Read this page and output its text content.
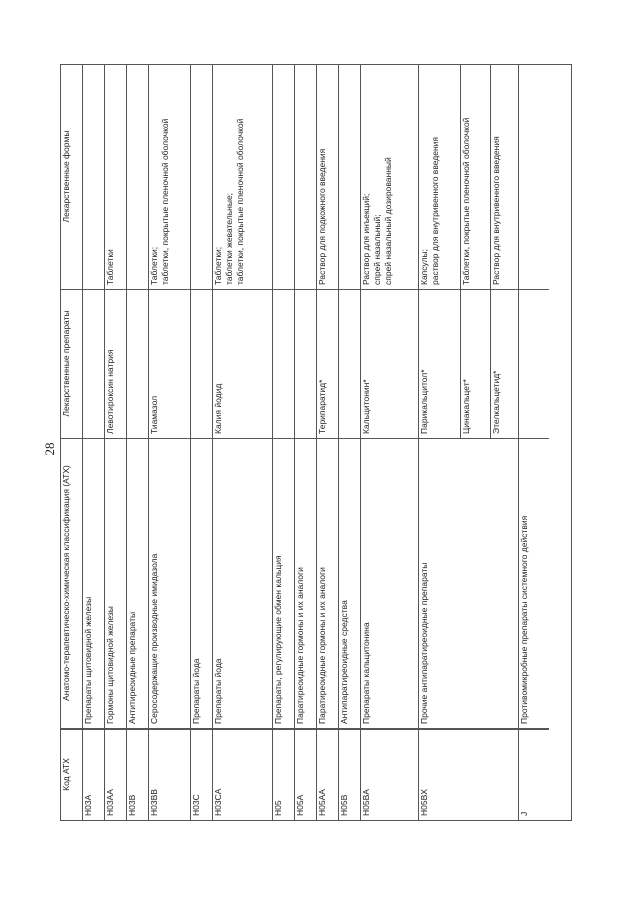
28
Код АТХ
Анатомо-терапевтическо-химическая классификация (АТХ)
Лекарственные препараты
Лекарственные формы
H03A
Препараты щитовидной железы
H03AA
Гормоны щитовидной железы
Левотироксин натрия
Таблетки
H03B
Антитиреоидные препараты
H03BB
Серосодержащие производные имидазола
Тиамазол
Таблетки; таблетки, покрытые пленочной оболочкой
H03C
Препараты йода
H03CA
Препараты йода
Калия йодид
Таблетки; таблетки жевательные; таблетки, покрытые пленочной оболочкой
H05
Препараты, регулирующие обмен кальция
H05A
Паратиреоидные гормоны и их аналоги
H05AA
Паратиреоидные гормоны и их аналоги
Терипаратид*
Раствор для подкожного введения
H05B
Антипаратиреоидные средства
H05BA
Препараты кальцитонина
Кальцитонин*
Раствор для инъекций; спрей назальный; спрей назальный дозированный
H05BX
Прочие антипаратиреоидные препараты
Парикальцитол*
Капсулы; раствор для внутривенного введения
Цинакальцет*
Таблетки, покрытые пленочной оболочкой
Этелкальцетид*
Раствор для внутривенного введения
J
Противомикробные препараты системного действия
